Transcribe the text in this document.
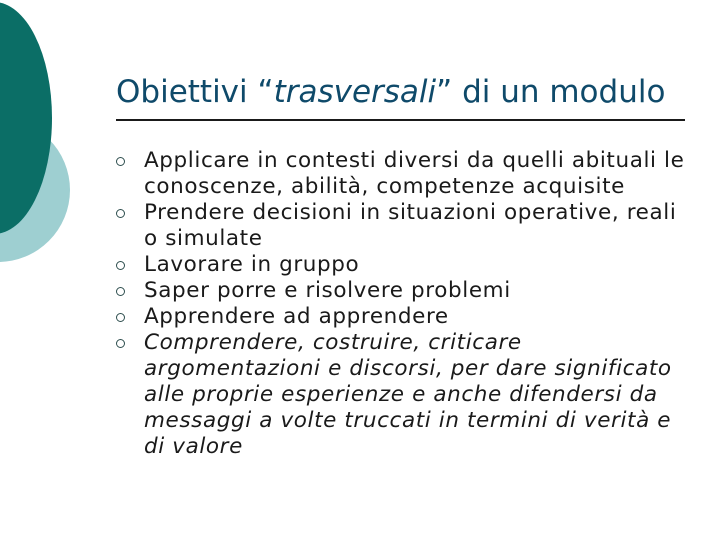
Obiettivi “trasversali” di un modulo
Applicare in contesti diversi da quelli abituali le conoscenze, abilità, competenze acquisite
Prendere decisioni in situazioni operative, reali o simulate
Lavorare in gruppo
Saper porre e risolvere problemi
Apprendere ad apprendere
Comprendere, costruire, criticare argomentazioni e discorsi, per dare significato alle proprie esperienze e anche difendersi da messaggi a volte truccati in termini di verità e di valore
